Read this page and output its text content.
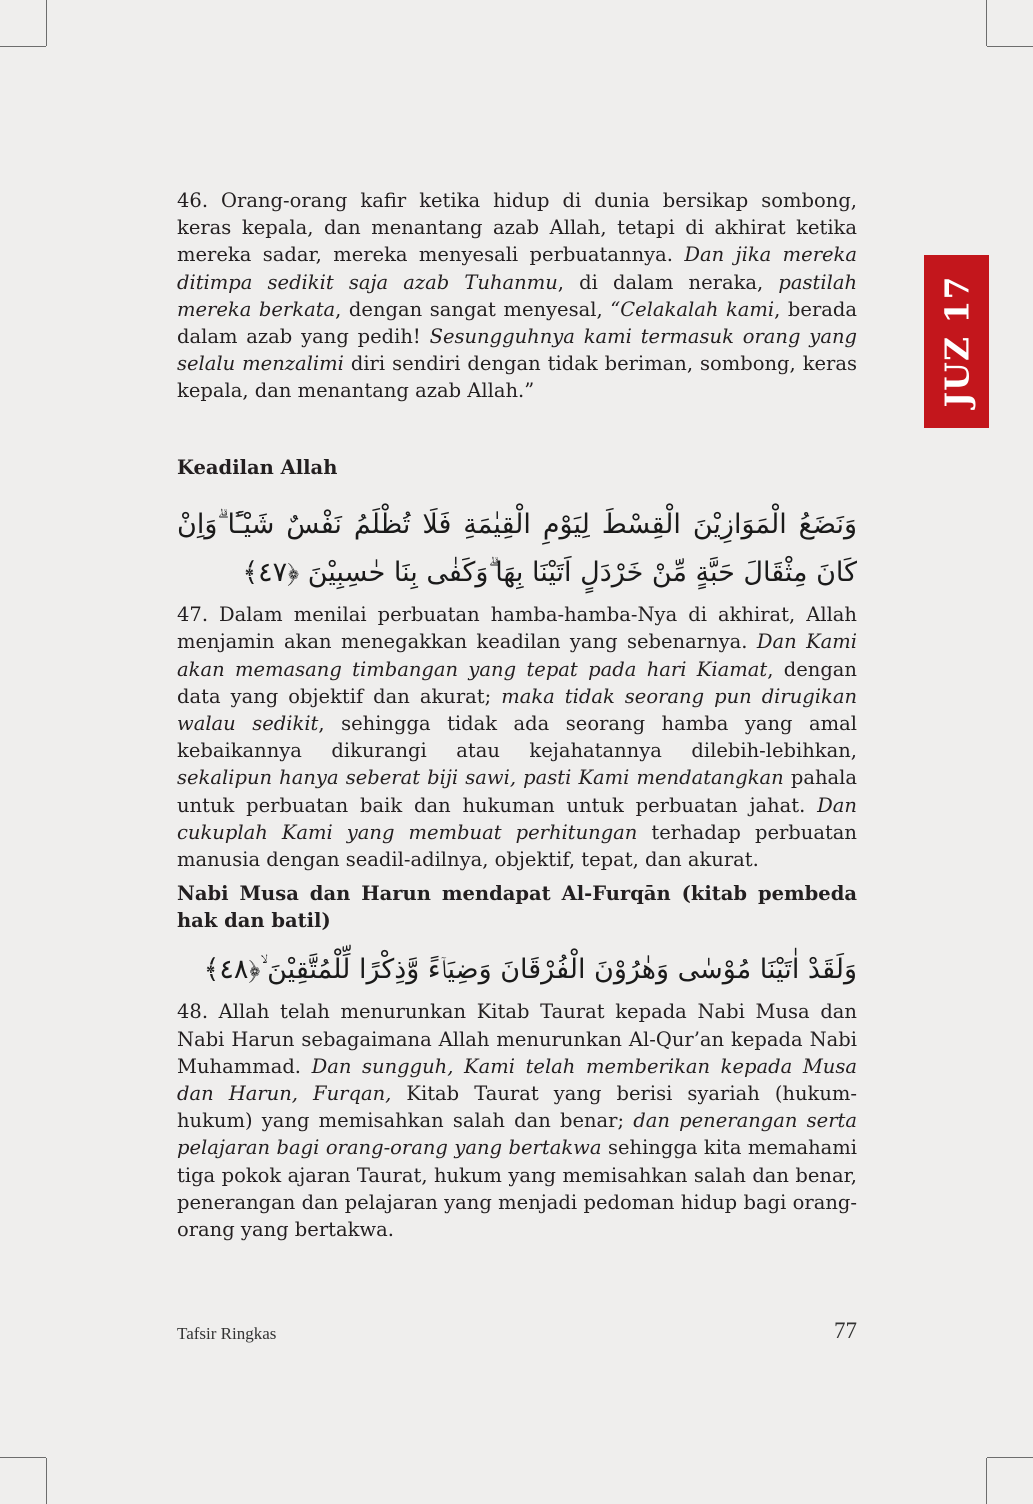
JUZ 17

46. Orang-orang kafir ketika hidup di dunia bersikap sombong, keras kepala, dan menantang azab Allah, tetapi di akhirat ketika mereka sadar, mereka menyesali perbuatannya. Dan jika mereka ditimpa sedikit saja azab Tuhanmu, di dalam neraka, pastilah mereka berkata, dengan sangat menyesal, “Celakalah kami, berada dalam azab yang pedih! Sesungguhnya kami termasuk orang yang selalu menzalimi diri sendiri dengan tidak beriman, sombong, keras kepala, dan menantang azab Allah.”

Keadilan Allah

وَنَضَعُ الْمَوَازِيْنَ الْقِسْطَ لِيَوْمِ الْقِيٰمَةِ فَلَا تُظْلَمُ نَفْسٌ شَيْـًٔا ۗوَاِنْ كَانَ مِثْقَالَ حَبَّةٍ مِّنْ خَرْدَلٍ اَتَيْنَا بِهَا ۗوَكَفٰى بِنَا حٰسِبِيْنَ ﴿٤٧﴾

47. Dalam menilai perbuatan hamba-hamba-Nya di akhirat, Allah menjamin akan menegakkan keadilan yang sebenarnya. Dan Kami akan memasang timbangan yang tepat pada hari Kiamat, dengan data yang objektif dan akurat; maka tidak seorang pun dirugikan walau sedikit, sehingga tidak ada seorang hamba yang amal kebaikannya dikurangi atau kejahatannya dilebih-lebihkan, sekalipun hanya seberat biji sawi, pasti Kami mendatangkan pahala untuk perbuatan baik dan hukuman untuk perbuatan jahat. Dan cukuplah Kami yang membuat perhitungan terhadap perbuatan manusia dengan seadil-adilnya, objektif, tepat, dan akurat.

Nabi Musa dan Harun mendapat Al-Furqān (kitab pembeda hak dan batil)

وَلَقَدْ اٰتَيْنَا مُوْسٰى وَهٰرُوْنَ الْفُرْقَانَ وَضِيَاۤءً وَّذِكْرًا لِّلْمُتَّقِيْنَ ۙ﴿٤٨﴾

48. Allah telah menurunkan Kitab Taurat kepada Nabi Musa dan Nabi Harun sebagaimana Allah menurunkan Al-Qur’an kepada Nabi Muhammad. Dan sungguh, Kami telah memberikan kepada Musa dan Harun, Furqan, Kitab Taurat yang berisi syariah (hukum-hukum) yang memisahkan salah dan benar; dan penerangan serta pelajaran bagi orang-orang yang bertakwa sehingga kita memahami tiga pokok ajaran Taurat, hukum yang memisahkan salah dan benar, penerangan dan pelajaran yang menjadi pedoman hidup bagi orang-orang yang bertakwa.

Tafsir Ringkas	77
